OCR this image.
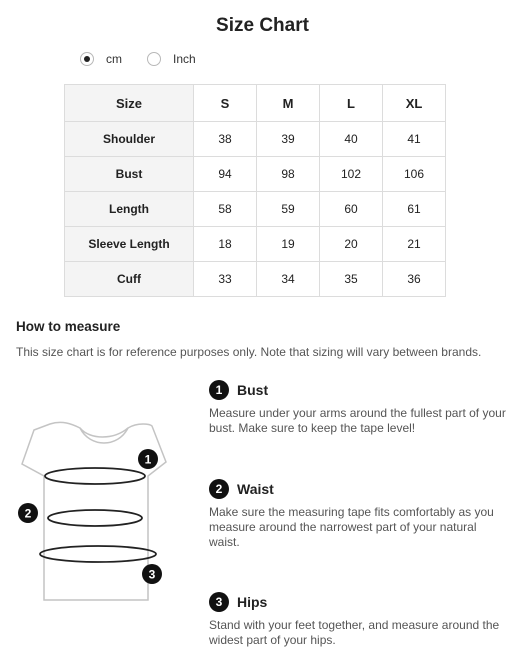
Size Chart
cm	Inch
Size	S	M	L	XL
Shoulder	38	39	40	41
Bust	94	98	102	106
Length	58	59	60	61
Sleeve Length	18	19	20	21
Cuff	33	34	35	36
How to measure
This size chart is for reference purposes only. Note that sizing will vary between brands.
1
2
3
1	Bust
Measure under your arms around the fullest part of your bust. Make sure to keep the tape level!
2	Waist
Make sure the measuring tape fits comfortably as you measure around the narrowest part of your natural waist.
3	Hips
Stand with your feet together, and measure around the widest part of your hips.
